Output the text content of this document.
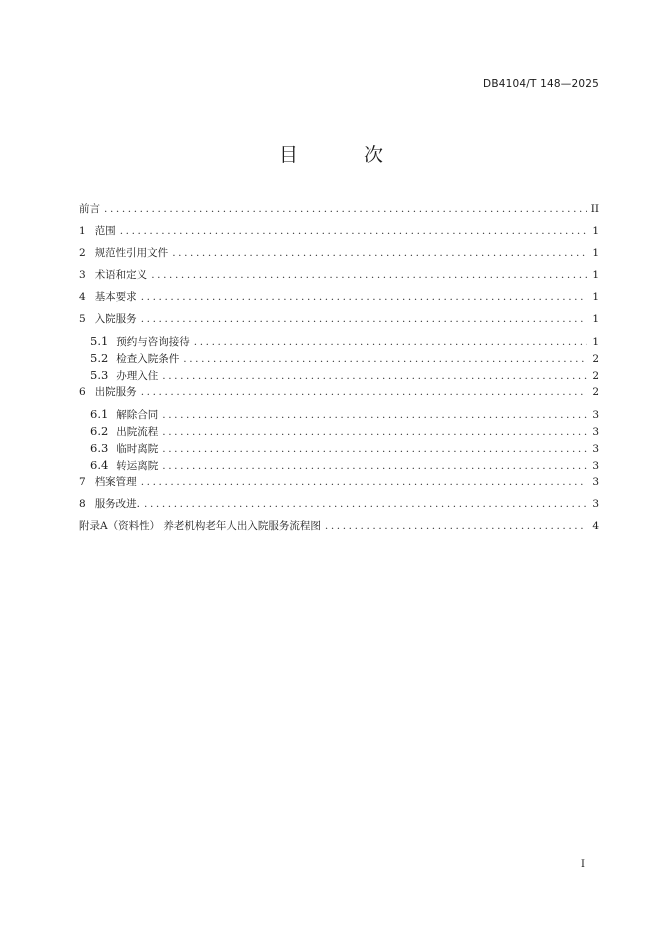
DB4104/T 148—2025
目 次
前言 .....	II
1 范围 .....	1
2 规范性引用文件 .....	1
3 术语和定义 .....	1
4 基本要求 .....	1
5 入院服务 .....	1
5.1 预约与咨询接待 .....	1
5.2 检查入院条件 .....	2
5.3 办理入住 .....	2
6 出院服务 .....	2
6.1 解除合同 .....	3
6.2 出院流程 .....	3
6.3 临时离院 .....	3
6.4 转运离院 .....	3
7 档案管理 .....	3
8 服务改进. .....	3
附录A（资料性） 养老机构老年人出入院服务流程图 .....	4
I
